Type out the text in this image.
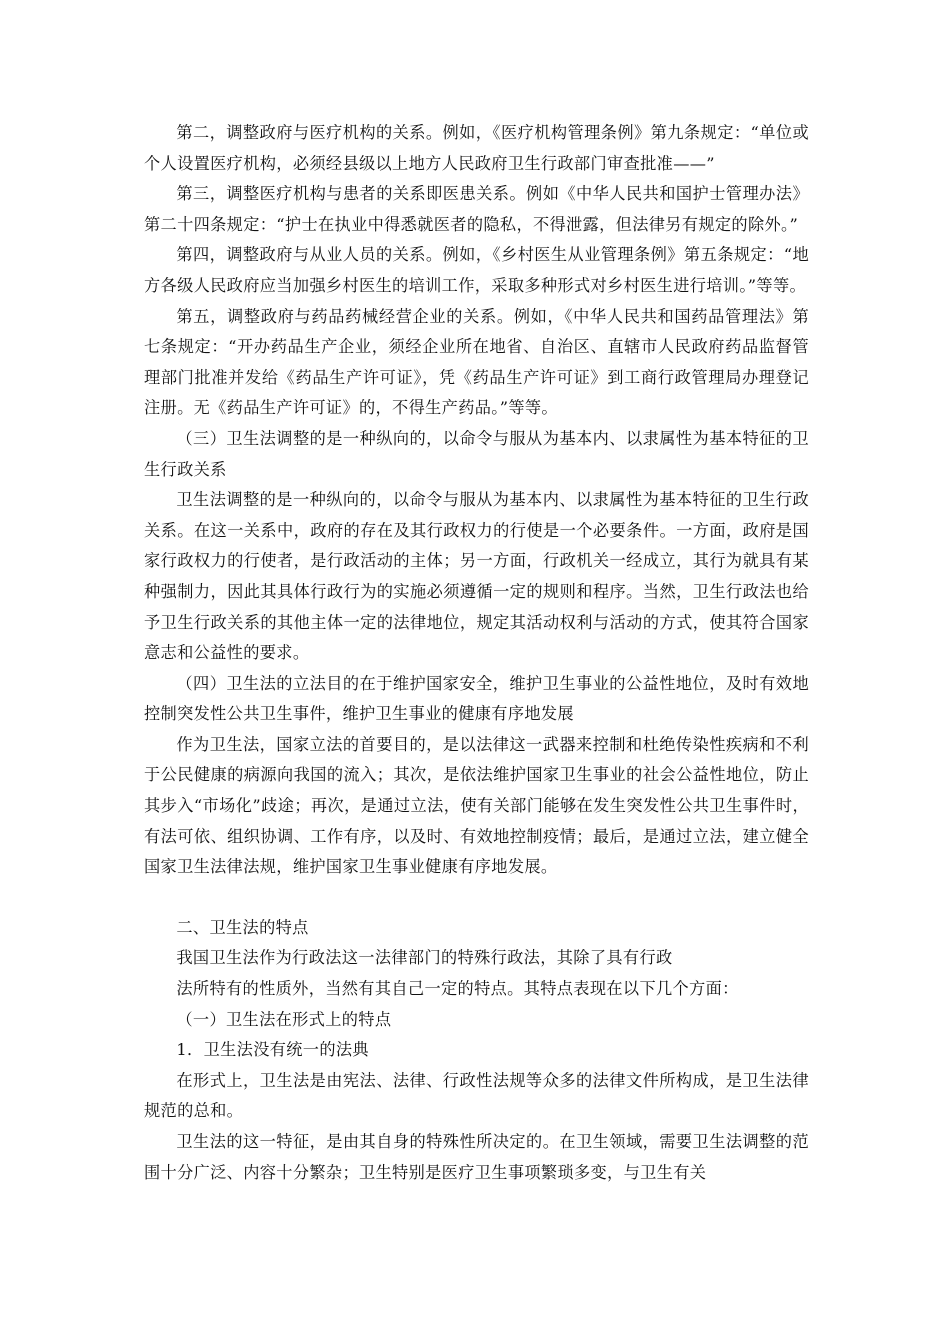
第二，调整政府与医疗机构的关系。例如，《医疗机构管理条例》第九条规定：“单位或个人设置医疗机构，必须经县级以上地方人民政府卫生行政部门审查批准——”

第三，调整医疗机构与患者的关系即医患关系。例如《中华人民共和国护士管理办法》第二十四条规定：“护士在执业中得悉就医者的隐私，不得泄露，但法律另有规定的除外。”

第四，调整政府与从业人员的关系。例如，《乡村医生从业管理条例》第五条规定：“地方各级人民政府应当加强乡村医生的培训工作，采取多种形式对乡村医生进行培训。”等等。

第五，调整政府与药品药械经营企业的关系。例如，《中华人民共和国药品管理法》第七条规定：“开办药品生产企业，须经企业所在地省、自治区、直辖市人民政府药品监督管理部门批准并发给《药品生产许可证》，凭《药品生产许可证》到工商行政管理局办理登记注册。无《药品生产许可证》的，不得生产药品。”等等。

（三）卫生法调整的是一种纵向的，以命令与服从为基本内、以隶属性为基本特征的卫生行政关系

卫生法调整的是一种纵向的，以命令与服从为基本内、以隶属性为基本特征的卫生行政关系。在这一关系中，政府的存在及其行政权力的行使是一个必要条件。一方面，政府是国家行政权力的行使者，是行政活动的主体；另一方面，行政机关一经成立，其行为就具有某种强制力，因此其具体行政行为的实施必须遵循一定的规则和程序。当然，卫生行政法也给予卫生行政关系的其他主体一定的法律地位，规定其活动权利与活动的方式，使其符合国家意志和公益性的要求。

（四）卫生法的立法目的在于维护国家安全，维护卫生事业的公益性地位，及时有效地控制突发性公共卫生事件，维护卫生事业的健康有序地发展

作为卫生法，国家立法的首要目的，是以法律这一武器来控制和杜绝传染性疾病和不利于公民健康的病源向我国的流入；其次，是依法维护国家卫生事业的社会公益性地位，防止其步入“市场化”歧途；再次，是通过立法，使有关部门能够在发生突发性公共卫生事件时，有法可依、组织协调、工作有序，以及时、有效地控制疫情；最后，是通过立法，建立健全国家卫生法律法规，维护国家卫生事业健康有序地发展。

二、卫生法的特点

我国卫生法作为行政法这一法律部门的特殊行政法，其除了具有行政

法所特有的性质外，当然有其自己一定的特点。其特点表现在以下几个方面：

（一）卫生法在形式上的特点

1．卫生法没有统一的法典

在形式上，卫生法是由宪法、法律、行政性法规等众多的法律文件所构成，是卫生法律规范的总和。

卫生法的这一特征，是由其自身的特殊性所决定的。在卫生领域，需要卫生法调整的范围十分广泛、内容十分繁杂；卫生特别是医疗卫生事项繁琐多变，与卫生有关
